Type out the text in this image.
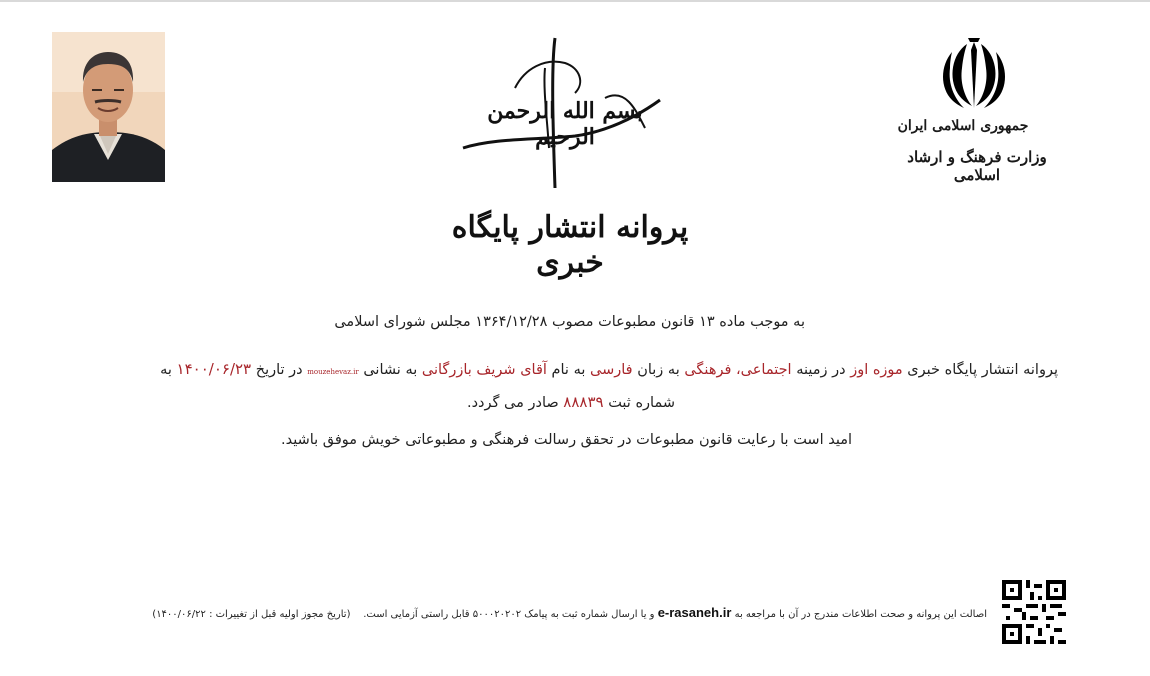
جمهوری اسلامی ایران
وزارت فرهنگ و ارشاد اسلامی
بسم الله الرحمن الرحیم
پروانه انتشار پایگاه خبری
به موجب ماده ۱۳ قانون مطبوعات مصوب ۱۳۶۴/۱۲/۲۸ مجلس شورای اسلامی
پروانه انتشار پایگاه خبری موزه اوز در زمینه اجتماعی، فرهنگی به زبان فارسی به نام آقای شریف بازرگانی به نشانی mouzehevaz.ir در تاریخ ۱۴۰۰/۰۶/۲۳ به
شماره ثبت ۸۸۸۳۹ صادر می گردد.
امید است با رعایت قانون مطبوعات در تحقق رسالت فرهنگی و مطبوعاتی خویش موفق باشید.
اصالت این پروانه و صحت اطلاعات مندرج در آن با مراجعه به e-rasaneh.ir و یا ارسال شماره ثبت به پیامک ۵۰۰۰۲۰۲۰۲ قابل راستی آزمایی است.    (تاریخ مجوز اولیه قبل از تغییرات : ۱۴۰۰/۰۶/۲۲)
